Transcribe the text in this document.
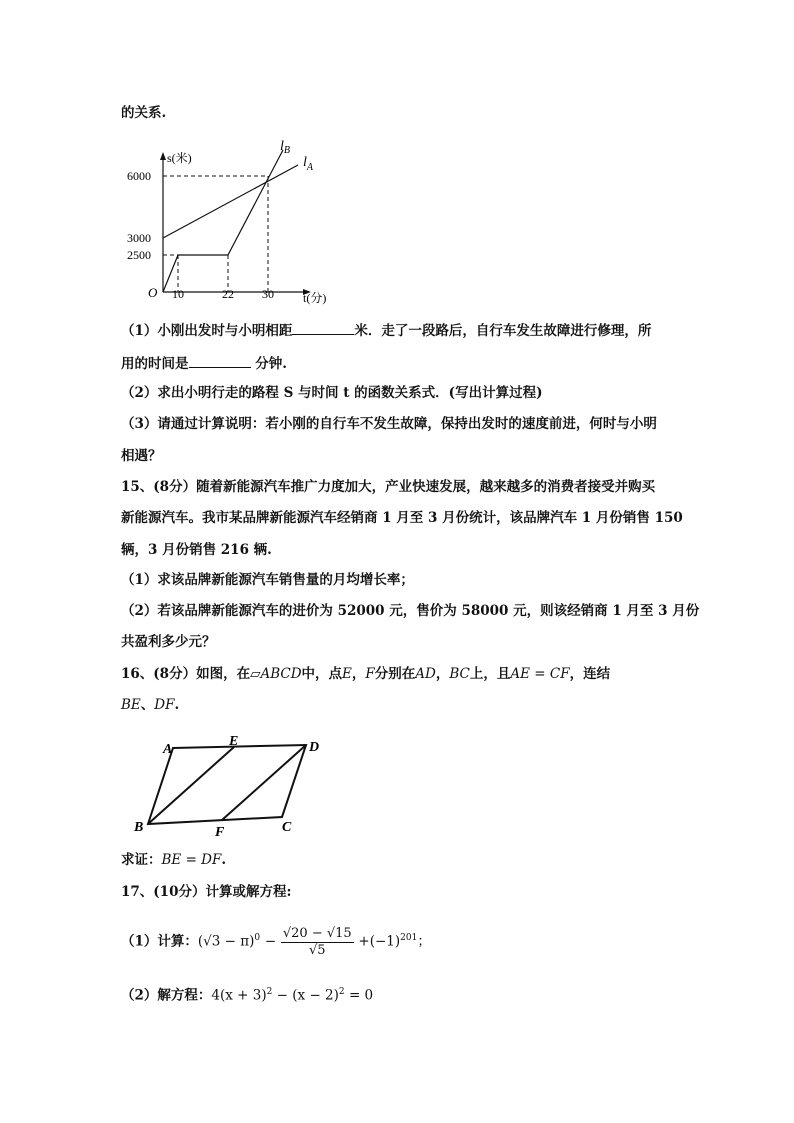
的关系.
s(米)
t(分)
O
6000
3000
2500
10	22 30
$l_B$
$l_A$
（1）小刚出发时与小明相距	米．走了一段路后，自行车发生故障进行修理，所
用的时间是	分钟.
（2）求出小明行走的路程 S 与时间 t 的函数关系式．(写出计算过程)
（3）请通过计算说明：若小刚的自行车不发生故障，保持出发时的速度前进，何时与小明
相遇？
15、(8分）随着新能源汽车推广力度加大，产业快速发展，越来越多的消费者接受并购买
新能源汽车。我市某品牌新能源汽车经销商 1 月至 3 月份统计，该品牌汽车 1 月份销售 150
辆，3 月份销售 216 辆.
（1）求该品牌新能源汽车销售量的月均增长率；
（2）若该品牌新能源汽车的进价为 52000 元，售价为 58000 元，则该经销商 1 月至 3 月份
共盈利多少元？
16、(8分）如图，在▱ABCD中，点E，F分别在AD，BC上，且AE = CF，连结
BE、DF.
A
E	D
B	F	C
求证：BE = DF.
17、(10分）计算或解方程:
（1）计算：$(√3 - \pi)^0 - \frac{√20 - √15}{√5} +(-1)^{201}$；
（2）解方程：$4(x + 3)^2 - (x - 2)^2 = 0$
